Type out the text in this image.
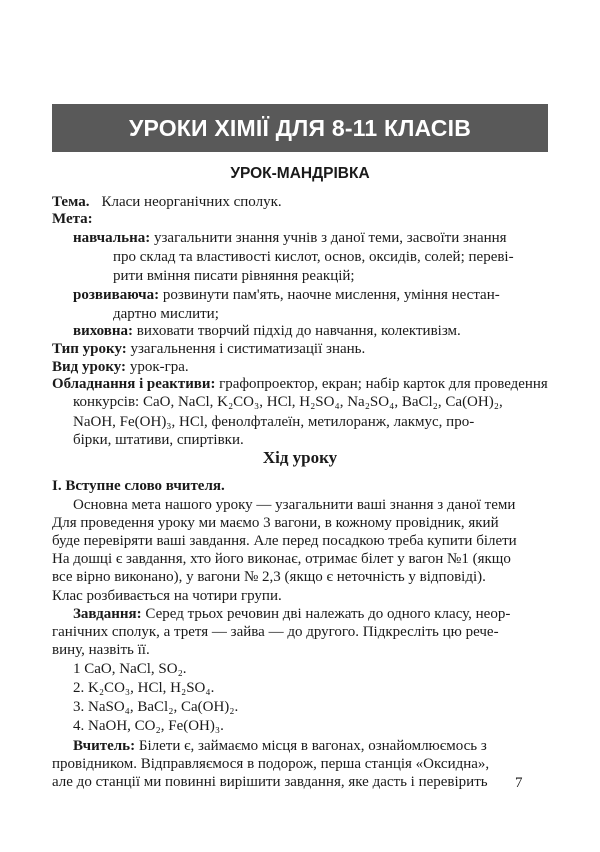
УРОКИ ХІМІЇ ДЛЯ 8-11 КЛАСІВ
УРОК-МАНДРІВКА
Тема. Класи неорганічних сполук.
Мета:
навчальна: узагальнити знання учнів з даної теми, засвоїти знання
про склад та властивості кислот, основ, оксидів, солей; переві-
рити вміння писати рівняння реакцій;
розвиваюча: розвинути пам'ять, наочне мислення, уміння нестан-
дартно мислити;
виховна: виховати творчий підхід до навчання, колективізм.
Тип уроку: узагальнення і систиматизації знань.
Вид уроку: урок-гра.
Обладнання і реактиви: графопроектор, екран; набір карток для проведення
конкурсів: CaO, NaCl, K₂CO₃, HCl, H₂SO₄, Na₂SO₄, BaCl₂, Ca(OH)₂,
NaOH, Fe(OH)₃, HCl, фенолфталеїн, метилоранж, лакмус, про-
бірки, штативи, спиртівки.
Хід уроку
I. Вступне слово вчителя.
Основна мета нашого уроку — узагальнити ваші знання з даної теми
Для проведення уроку ми маємо 3 вагони, в кожному провідник, який
буде перевіряти ваші завдання. Але перед посадкою треба купити білети
На дошці є завдання, хто його виконає, отримає білет у вагон №1 (якщо
все вірно виконано), у вагони № 2,3 (якщо є неточність у відповіді).
Клас розбивається на чотири групи.
Завдання: Серед трьох речовин дві належать до одного класу, неор-
ганічних сполук, а третя — зайва — до другого. Підкресліть цю рече-
вину, назвіть її.
1 CaO, NaCl, SO₂.
2. K₂CO₃, HCl, H₂SO₄.
3. NaSO₄, BaCl₂, Ca(OH)₂.
4. NaOH, CO₂, Fe(OH)₃.
Вчитель: Білети є, займаємо місця в вагонах, ознайомлюємось з
провідником. Відправляємося в подорож, перша станція «Оксидна»,
але до станції ми повинні вирішити завдання, яке дасть і перевірить 7
